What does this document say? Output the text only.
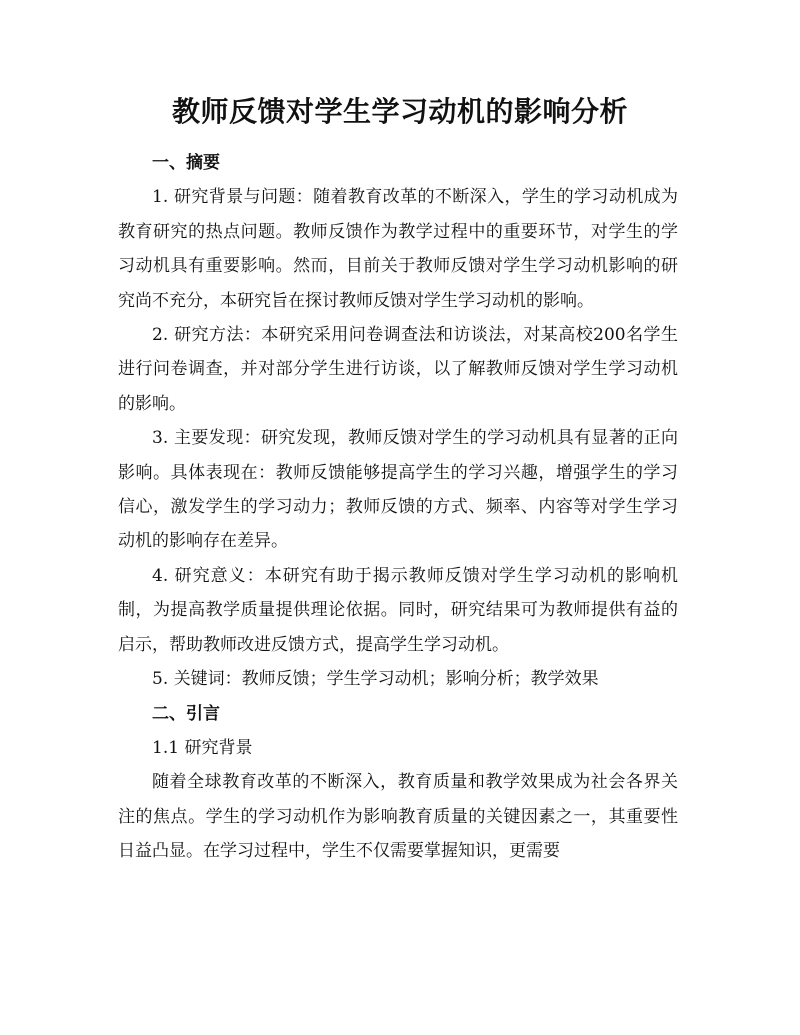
教师反馈对学生学习动机的影响分析
一、摘要

1. 研究背景与问题：随着教育改革的不断深入，学生的学习动机成为教育研究的热点问题。教师反馈作为教学过程中的重要环节，对学生的学习动机具有重要影响。然而，目前关于教师反馈对学生学习动机影响的研究尚不充分，本研究旨在探讨教师反馈对学生学习动机的影响。

2. 研究方法：本研究采用问卷调查法和访谈法，对某高校200名学生进行问卷调查，并对部分学生进行访谈，以了解教师反馈对学生学习动机的影响。

3. 主要发现：研究发现，教师反馈对学生的学习动机具有显著的正向影响。具体表现在：教师反馈能够提高学生的学习兴趣，增强学生的学习信心，激发学生的学习动力；教师反馈的方式、频率、内容等对学生学习动机的影响存在差异。

4. 研究意义：本研究有助于揭示教师反馈对学生学习动机的影响机制，为提高教学质量提供理论依据。同时，研究结果可为教师提供有益的启示，帮助教师改进反馈方式，提高学生学习动机。

5. 关键词：教师反馈；学生学习动机；影响分析；教学效果

二、引言

1.1 研究背景

随着全球教育改革的不断深入，教育质量和教学效果成为社会各界关注的焦点。学生的学习动机作为影响教育质量的关键因素之一，其重要性日益凸显。在学习过程中，学生不仅需要掌握知识，更需要
